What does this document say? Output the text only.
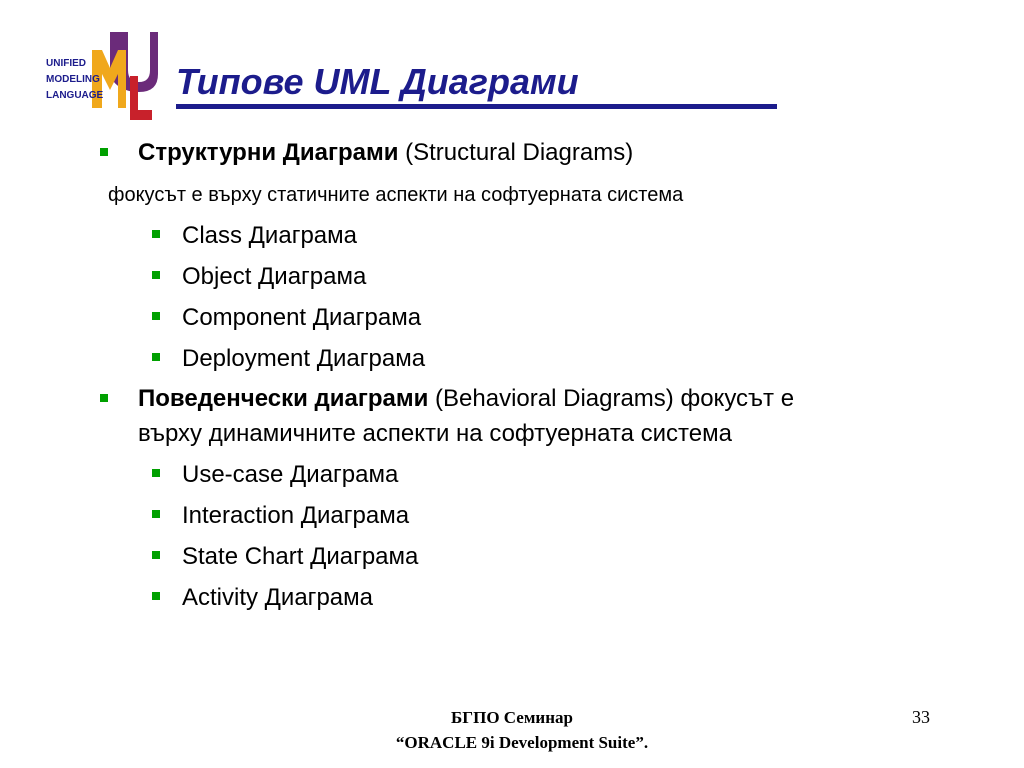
UNIFIED
MODELING
LANGUAGE Типове UML Диаграми
Структурни Диаграми (Structural Diagrams)
фокусът е върху статичните аспекти на софтуерната система
Class Диаграма
Object Диаграма
Component Диаграма
Deployment Диаграма
Поведенчески диаграми (Behavioral Diagrams) фокусът е
върху динамичните аспекти на софтуерната система
Use-case Диаграма
Interaction Диаграма
State Chart Диаграма
Activity Диаграма
БГПО Семинар
“ORACLE 9i Development Suite”.
33
